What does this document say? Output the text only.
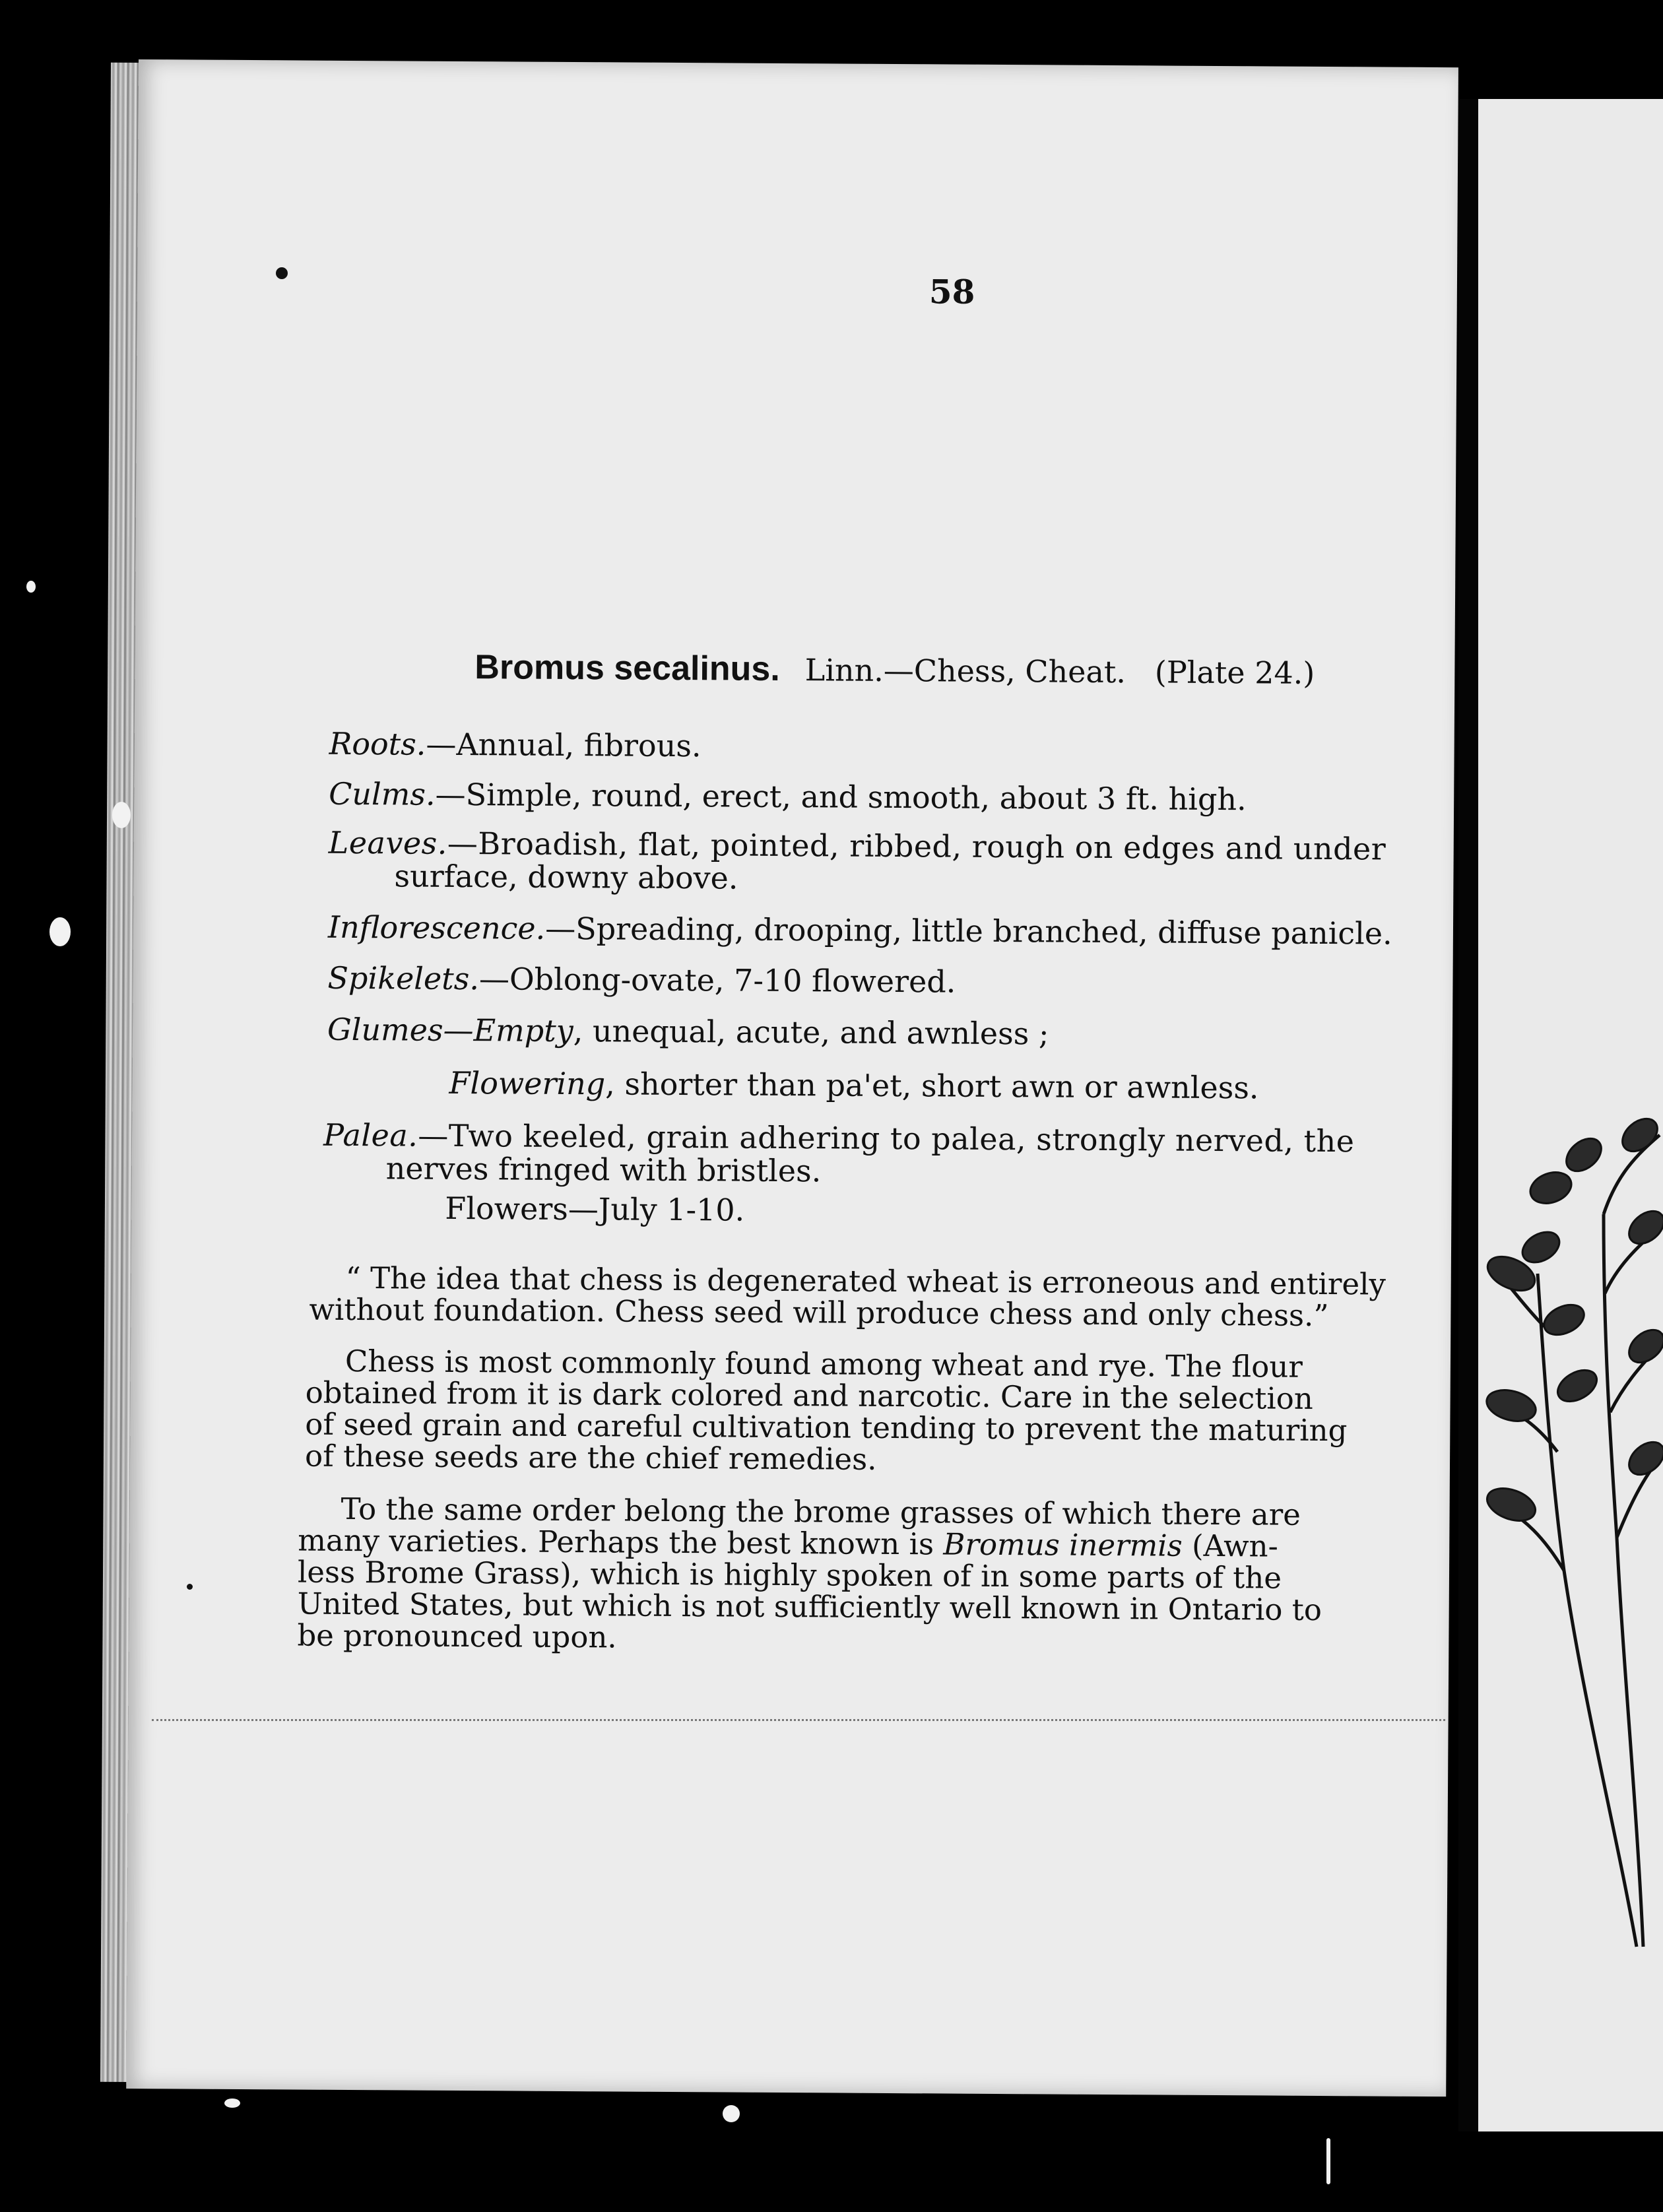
58
Bromus secalinus. Linn.—Chess, Cheat. (Plate 24.)
Roots.—Annual, fibrous.
Culms.—Simple, round, erect, and smooth, about 3 ft. high.
Leaves.—Broadish, flat, pointed, ribbed, rough on edges and under
surface, downy above.
Inflorescence.—Spreading, drooping, little branched, diffuse panicle.
Spikelets.—Oblong-ovate, 7-10 flowered.
Glumes—Empty, unequal, acute, and awnless ;
Flowering, shorter than pa'et, short awn or awnless.
Palea.—Two keeled, grain adhering to palea, strongly nerved, the
nerves fringed with bristles.
Flowers—July 1-10.
“ The idea that chess is degenerated wheat is erroneous and entirely
without foundation. Chess seed will produce chess and only chess.”
Chess is most commonly found among wheat and rye. The flour
obtained from it is dark colored and narcotic. Care in the selection
of seed grain and careful cultivation tending to prevent the maturing
of these seeds are the chief remedies.
To the same order belong the brome grasses of which there are
many varieties. Perhaps the best known is Bromus inermis (Awn-
less Brome Grass), which is highly spoken of in some parts of the
United States, but which is not sufficiently well known in Ontario to
be pronounced upon.
